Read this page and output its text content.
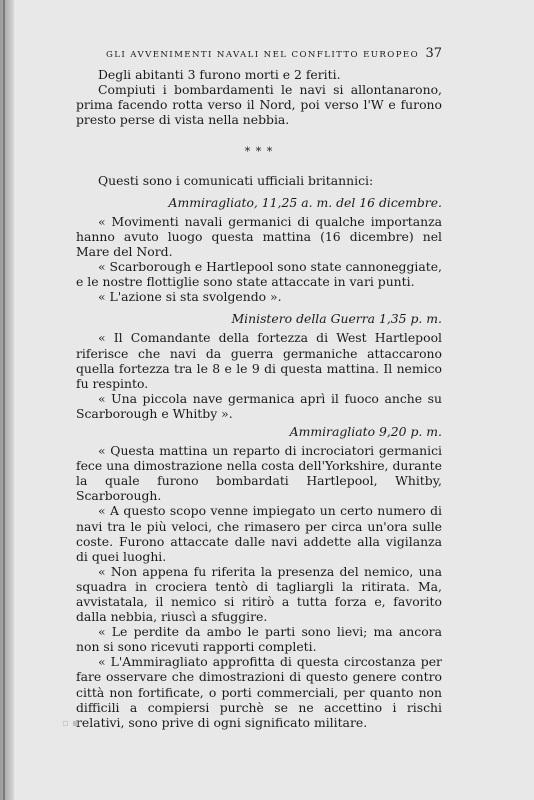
GLI AVVENIMENTI NAVALI NEL CONFLITTO EUROPEO 37

Degli abitanti 3 furono morti e 2 feriti.

Compiuti i bombardamenti le navi si allontanarono, prima facendo rotta verso il Nord, poi verso l'W e furono presto perse di vista nella nebbia.

* * *

Questi sono i comunicati ufficiali britannici:

Ammiragliato, 11,25 a. m. del 16 dicembre.

« Movimenti navali germanici di qualche importanza hanno avuto luogo questa mattina (16 dicembre) nel Mare del Nord.

« Scarborough e Hartlepool sono state cannoneggiate, e le nostre flottiglie sono state attaccate in vari punti.

« L'azione si sta svolgendo ».

Ministero della Guerra 1,35 p. m.

« Il Comandante della fortezza di West Hartlepool riferisce che navi da guerra germaniche attaccarono quella fortezza tra le 8 e le 9 di questa mattina. Il nemico fu respinto.

« Una piccola nave germanica aprì il fuoco anche su Scarborough e Whitby ».

Ammiragliato 9,20 p. m.

« Questa mattina un reparto di incrociatori germanici fece una dimostrazione nella costa dell'Yorkshire, durante la quale furono bombardati Hartlepool, Whitby, Scarborough.

« A questo scopo venne impiegato un certo numero di navi tra le più veloci, che rimasero per circa un'ora sulle coste. Furono attaccate dalle navi addette alla vigilanza di quei luoghi.

« Non appena fu riferita la presenza del nemico, una squadra in crociera tentò di tagliargli la ritirata. Ma, avvistatala, il nemico si ritirò a tutta forza e, favorito dalla nebbia, riuscì a sfuggire.

« Le perdite da ambo le parti sono lievi; ma ancora non si sono ricevuti rapporti completi.

« L'Ammiragliato approfitta di questa circostanza per fare osservare che dimostrazioni di questo genere contro città non fortificate, o porti commerciali, per quanto non difficili a compiersi purchè se ne accettino i rischi relativi, sono prive di ogni significato militare.

▫ ▪
